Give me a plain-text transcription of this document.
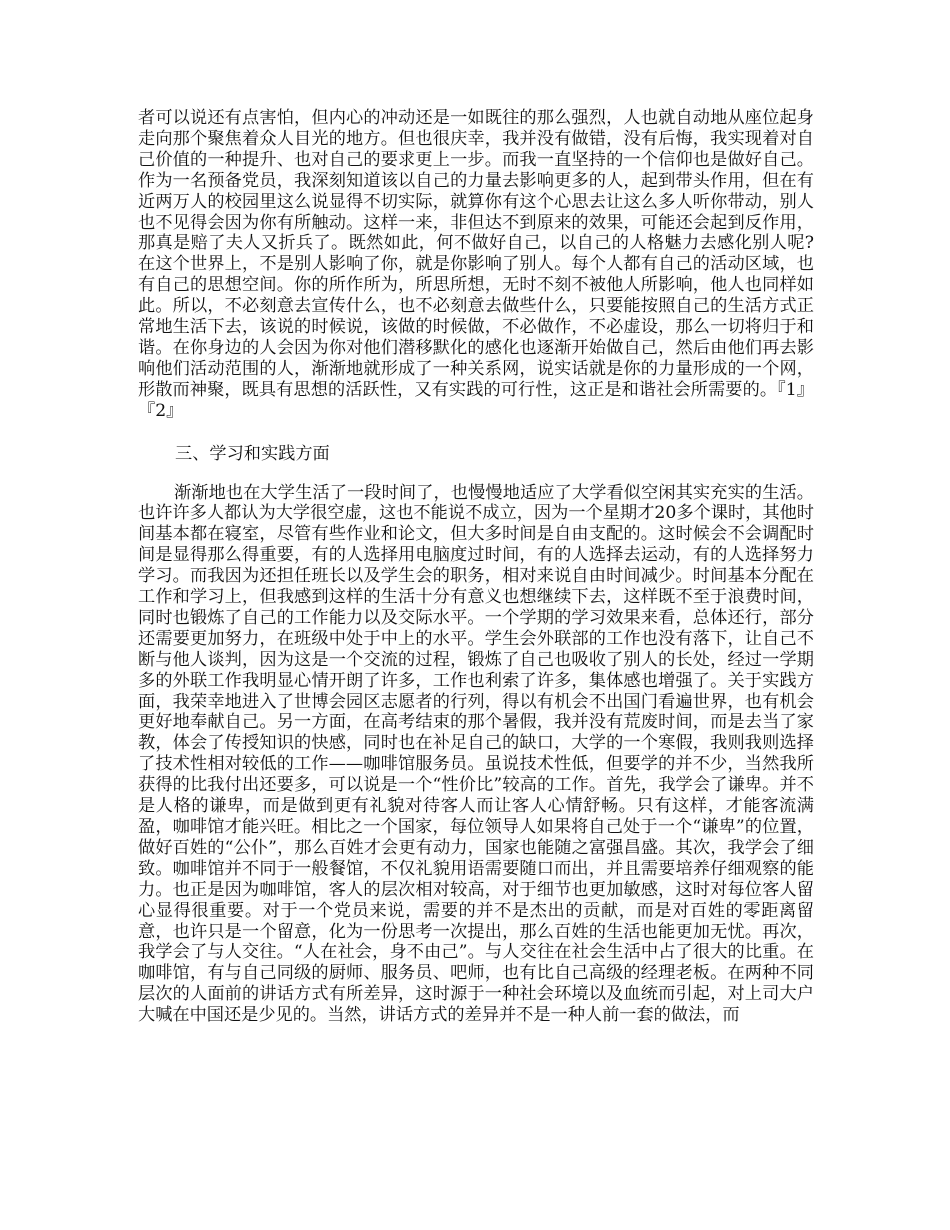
者可以说还有点害怕，但内心的冲动还是一如既往的那么强烈，人也就自动地从座位起身走向那个聚焦着众人目光的地方。但也很庆幸，我并没有做错，没有后悔，我实现着对自己价值的一种提升、也对自己的要求更上一步。而我一直坚持的一个信仰也是做好自己。作为一名预备党员，我深刻知道该以自己的力量去影响更多的人，起到带头作用，但在有近两万人的校园里这么说显得不切实际，就算你有这个心思去让这么多人听你带动，别人也不见得会因为你有所触动。这样一来，非但达不到原来的效果，可能还会起到反作用，那真是赔了夫人又折兵了。既然如此，何不做好自己，以自己的人格魅力去感化别人呢?在这个世界上，不是别人影响了你，就是你影响了别人。每个人都有自己的活动区域，也有自己的思想空间。你的所作所为，所思所想，无时不刻不被他人所影响，他人也同样如此。所以，不必刻意去宣传什么，也不必刻意去做些什么，只要能按照自己的生活方式正常地生活下去，该说的时候说，该做的时候做，不必做作，不必虚设，那么一切将归于和谐。在你身边的人会因为你对他们潜移默化的感化也逐渐开始做自己，然后由他们再去影响他们活动范围的人，渐渐地就形成了一种关系网，说实话就是你的力量形成的一个网，形散而神聚，既具有思想的活跃性，又有实践的可行性，这正是和谐社会所需要的。『1』『2』

三、学习和实践方面

渐渐地也在大学生活了一段时间了，也慢慢地适应了大学看似空闲其实充实的生活。也许许多人都认为大学很空虚，这也不能说不成立，因为一个星期才20多个课时，其他时间基本都在寝室，尽管有些作业和论文，但大多时间是自由支配的。这时候会不会调配时间是显得那么得重要，有的人选择用电脑度过时间，有的人选择去运动，有的人选择努力学习。而我因为还担任班长以及学生会的职务，相对来说自由时间减少。时间基本分配在工作和学习上，但我感到这样的生活十分有意义也想继续下去，这样既不至于浪费时间，同时也锻炼了自己的工作能力以及交际水平。一个学期的学习效果来看，总体还行，部分还需要更加努力，在班级中处于中上的水平。学生会外联部的工作也没有落下，让自己不断与他人谈判，因为这是一个交流的过程，锻炼了自己也吸收了别人的长处，经过一学期多的外联工作我明显心情开朗了许多，工作也利索了许多，集体感也增强了。关于实践方面，我荣幸地进入了世博会园区志愿者的行列，得以有机会不出国门看遍世界，也有机会更好地奉献自己。另一方面，在高考结束的那个暑假，我并没有荒废时间，而是去当了家教，体会了传授知识的快感，同时也在补足自己的缺口，大学的一个寒假，我则我则选择了技术性相对较低的工作——咖啡馆服务员。虽说技术性低，但要学的并不少，当然我所获得的比我付出还要多，可以说是一个“性价比”较高的工作。首先，我学会了谦卑。并不是人格的谦卑，而是做到更有礼貌对待客人而让客人心情舒畅。只有这样，才能客流满盈，咖啡馆才能兴旺。相比之一个国家，每位领导人如果将自己处于一个“谦卑”的位置，做好百姓的“公仆”，那么百姓才会更有动力，国家也能随之富强昌盛。其次，我学会了细致。咖啡馆并不同于一般餐馆，不仅礼貌用语需要随口而出，并且需要培养仔细观察的能力。也正是因为咖啡馆，客人的层次相对较高，对于细节也更加敏感，这时对每位客人留心显得很重要。对于一个党员来说，需要的并不是杰出的贡献，而是对百姓的零距离留意，也许只是一个留意，化为一份思考一次提出，那么百姓的生活也能更加无忧。再次，我学会了与人交往。“人在社会，身不由己”。与人交往在社会生活中占了很大的比重。在咖啡馆，有与自己同级的厨师、服务员、吧师，也有比自己高级的经理老板。在两种不同层次的人面前的讲话方式有所差异，这时源于一种社会环境以及血统而引起，对上司大户大喊在中国还是少见的。当然，讲话方式的差异并不是一种人前一套的做法，而
